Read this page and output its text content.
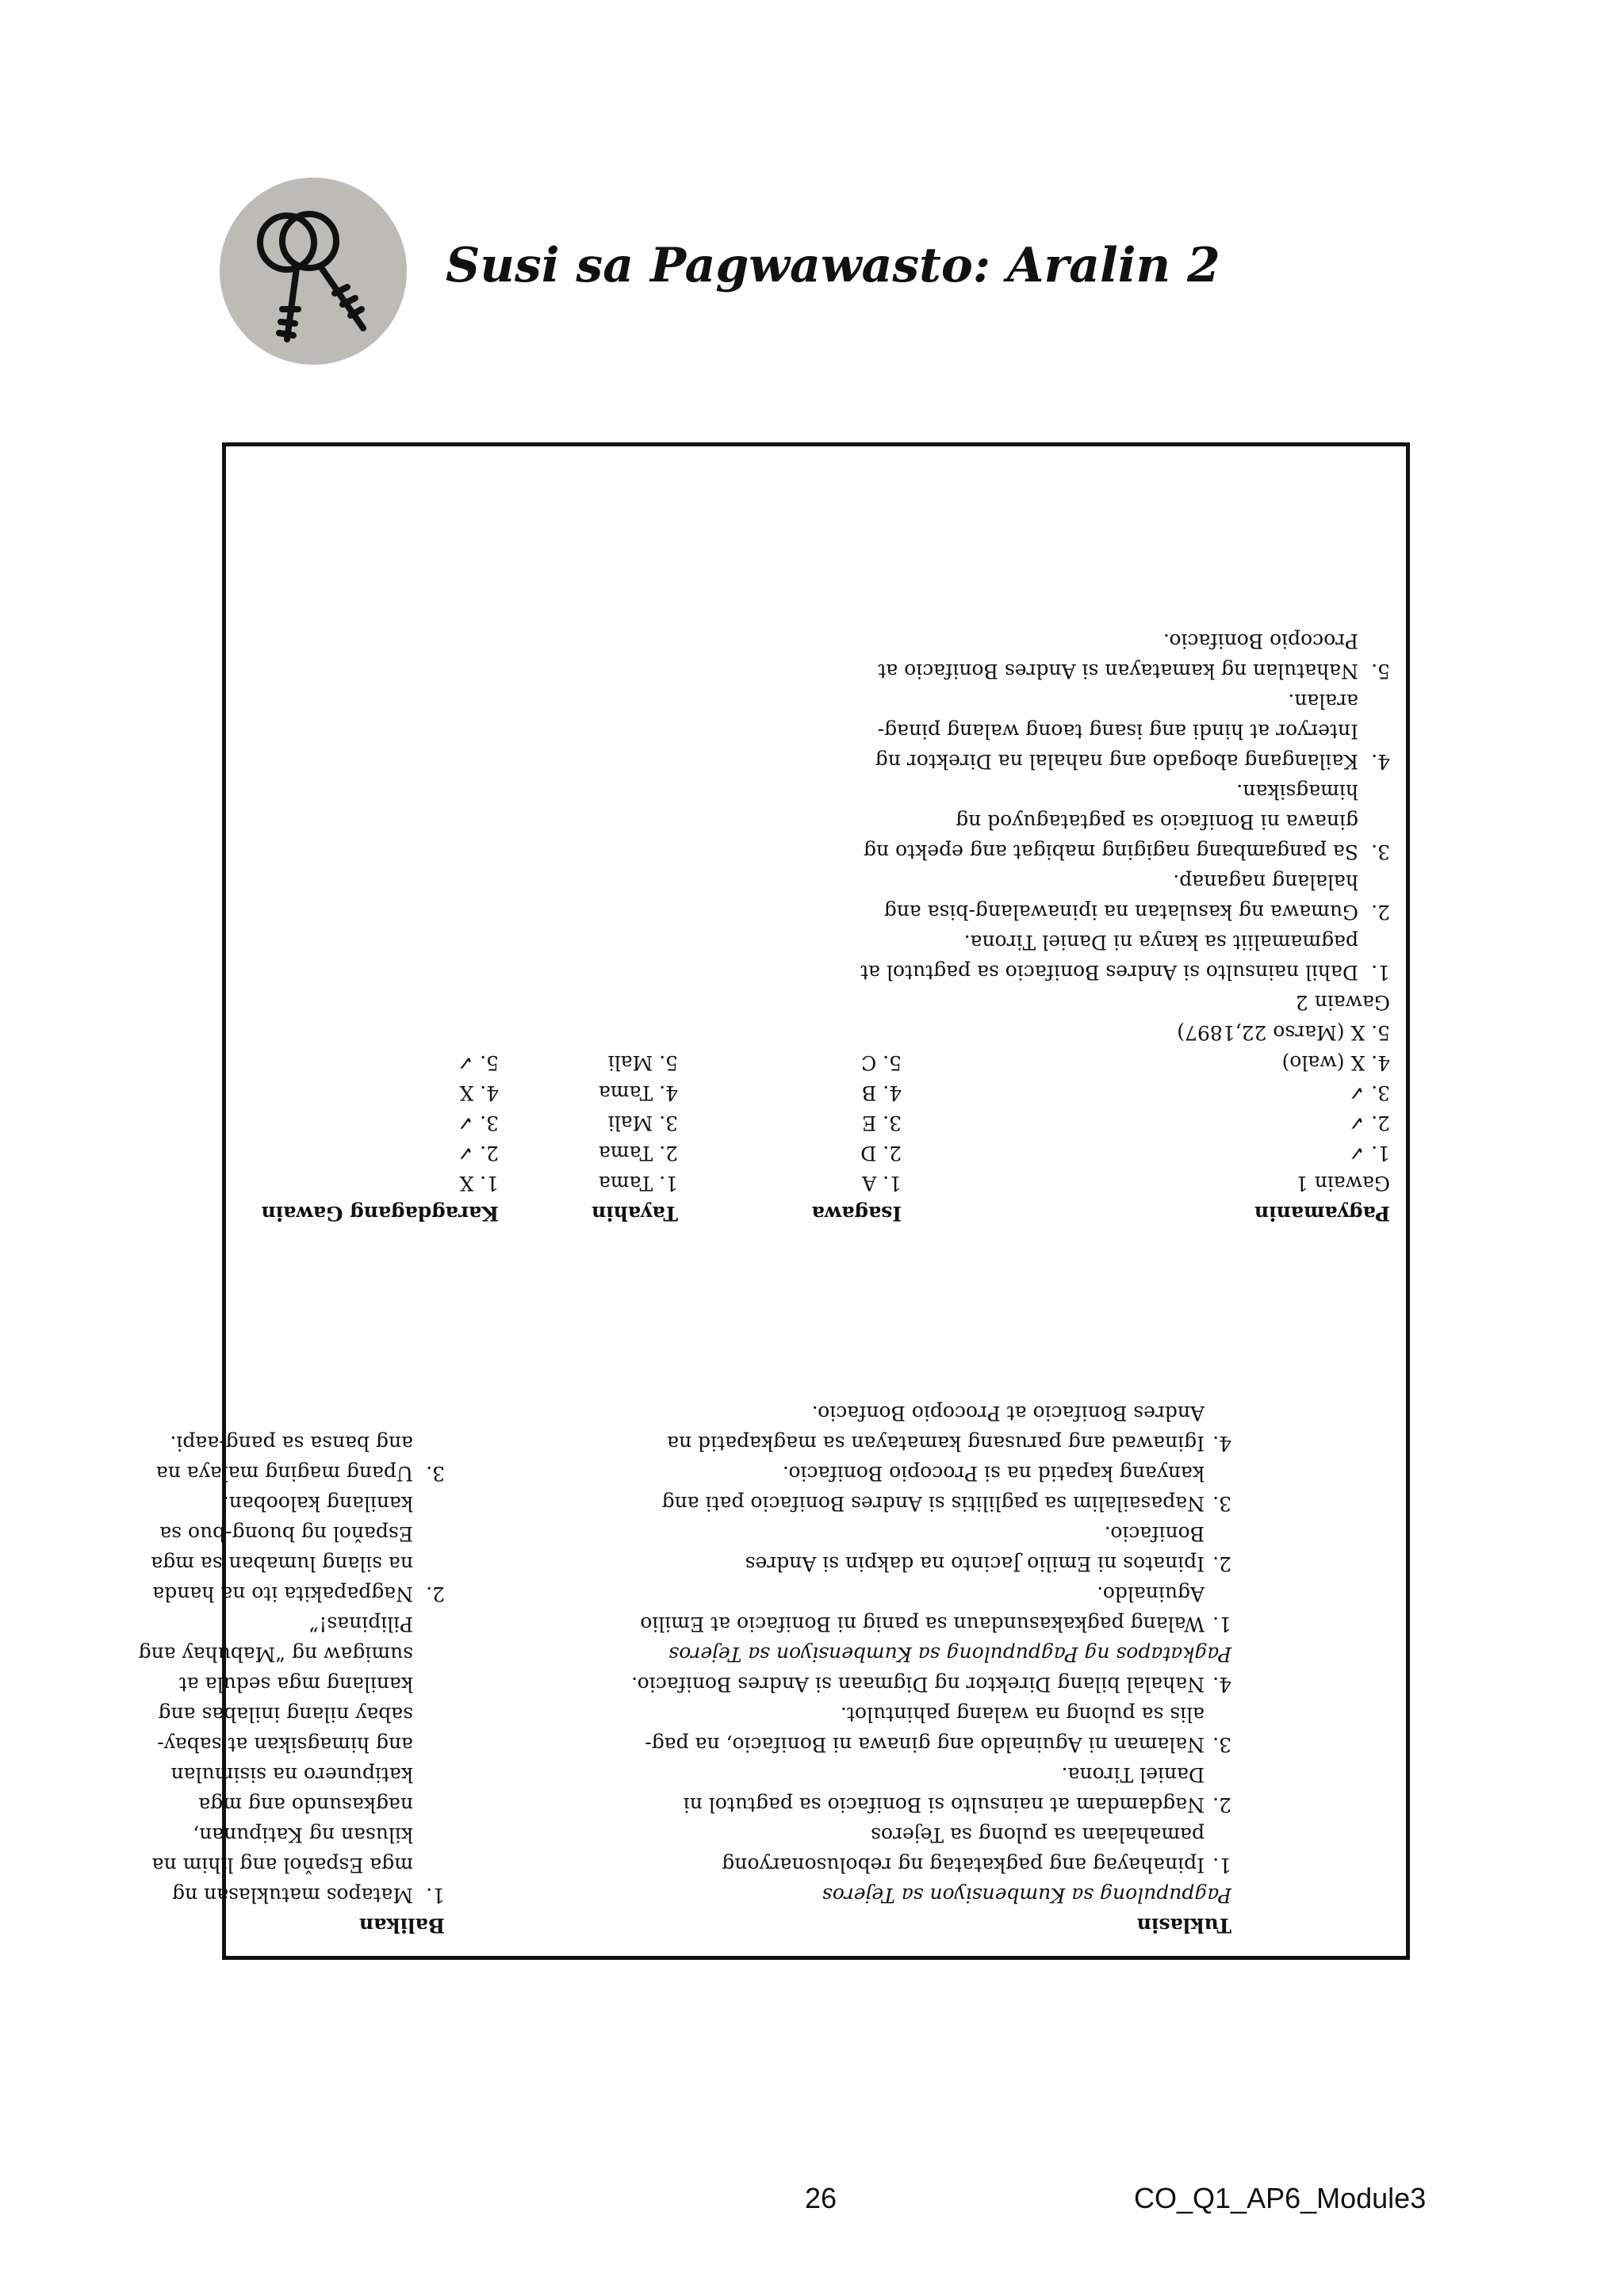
Susi sa Pagwawasto: Aralin 2
Balikan
1.
Matapos matuklasan ng
mga Espaňol ang lihim na
kilusan ng Katipunan,
nagkasundo ang mga
katipunero na sisimulan
ang himagsikan at sabay-
sabay nilang inilabas ang
kanilang mga sedula at
sumigaw ng “Mabuhay ang
Pilipinas!”
2.
Nagpapakita ito na handa
na silang lumaban sa mga
Espaňol ng buong-buo sa
kanilang kalooban.
3.
Upang maging malaya na
ang bansa sa pang-aapi.
Tuklasin
Pagpupulong sa Kumbensiyon sa Tejeros
1.
Ipinahayag ang pagkatatag ng rebolusonaryong
pamahalaan sa pulong sa Tejeros
2.
Nagdamdam at nainsulto si Bonifacio sa pagtutol ni
Daniel Tirona.
3.
Nalaman ni Aguinaldo ang ginawa ni Bonifacio, na pag-
alis sa pulong na walang pahintulot.
4.
Nahalal bilang Direktor ng Digmaan si Andres Bonifacio.
Pagkatapos ng Pagpupulong sa Kumbensiyon sa Tejeros
1.
Walang pagkakasundaun sa panig ni Bonifacio at Emilio
Aguinaldo.
2.
Ipinatos ni Emilio Jacinto na dakpin si Andres
Bonifacio.
3.
Napasailalim sa paglilitis si Andres Bonifacio pati ang
kanyang kapatid na si Procopio Bonifacio.
4.
Iginawad ang parusang kamatayan sa magkapatid na
Andres Bonifacio at Procopio Bonfacio.
Pagyamanin
Gawain 1
1. ✓
2. ✓
3. ✓
4. X (walo)
5. X (Marso 22,1897)
Gawain 2
1.
Dahil nainsulto si Andres Bonifacio sa pagtutol at
pagmamaliit sa kanya ni Daniel Tirona.
2.
Gumawa ng kasulatan na ipinawalang-bisa ang
halalang naganap.
3.
Sa pangambang nagiging mabigat ang epekto ng
ginawa ni Bonifacio sa pagtataguyod ng
himagsikan.
4.
Kailangang abogado ang nahalal na Direktor ng
Interyor at hindi ang isang taong walang pinag-
aralan.
5.
Nahatulan ng kamatayan si Andres Bonifacio at
Procopio Bonifacio.
Isagawa
1. A
2. D
3. E
4. B
5. C
Tayahin
1. Tama
2. Tama
3. Mali
4. Tama
5. Mali
Karagdagang Gawain
1. X
2. ✓
3. ✓
4. X
5. ✓
26	CO_Q1_AP6_Module3
